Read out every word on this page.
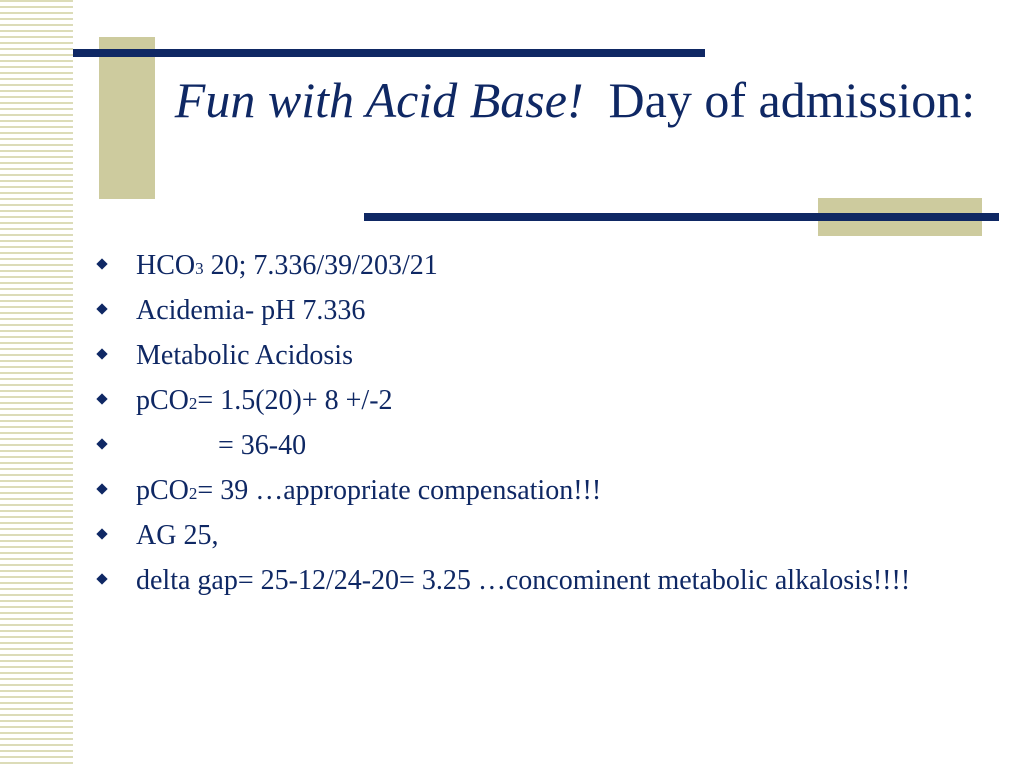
Fun with Acid Base! Day of admission:
HCO3 20; 7.336/39/203/21
Acidemia- pH 7.336
Metabolic Acidosis
pCO2= 1.5(20)+ 8 +/-2
= 36-40
pCO2= 39 …appropriate compensation!!!
AG 25,
delta gap= 25-12/24-20= 3.25 …concominent metabolic alkalosis!!!!
